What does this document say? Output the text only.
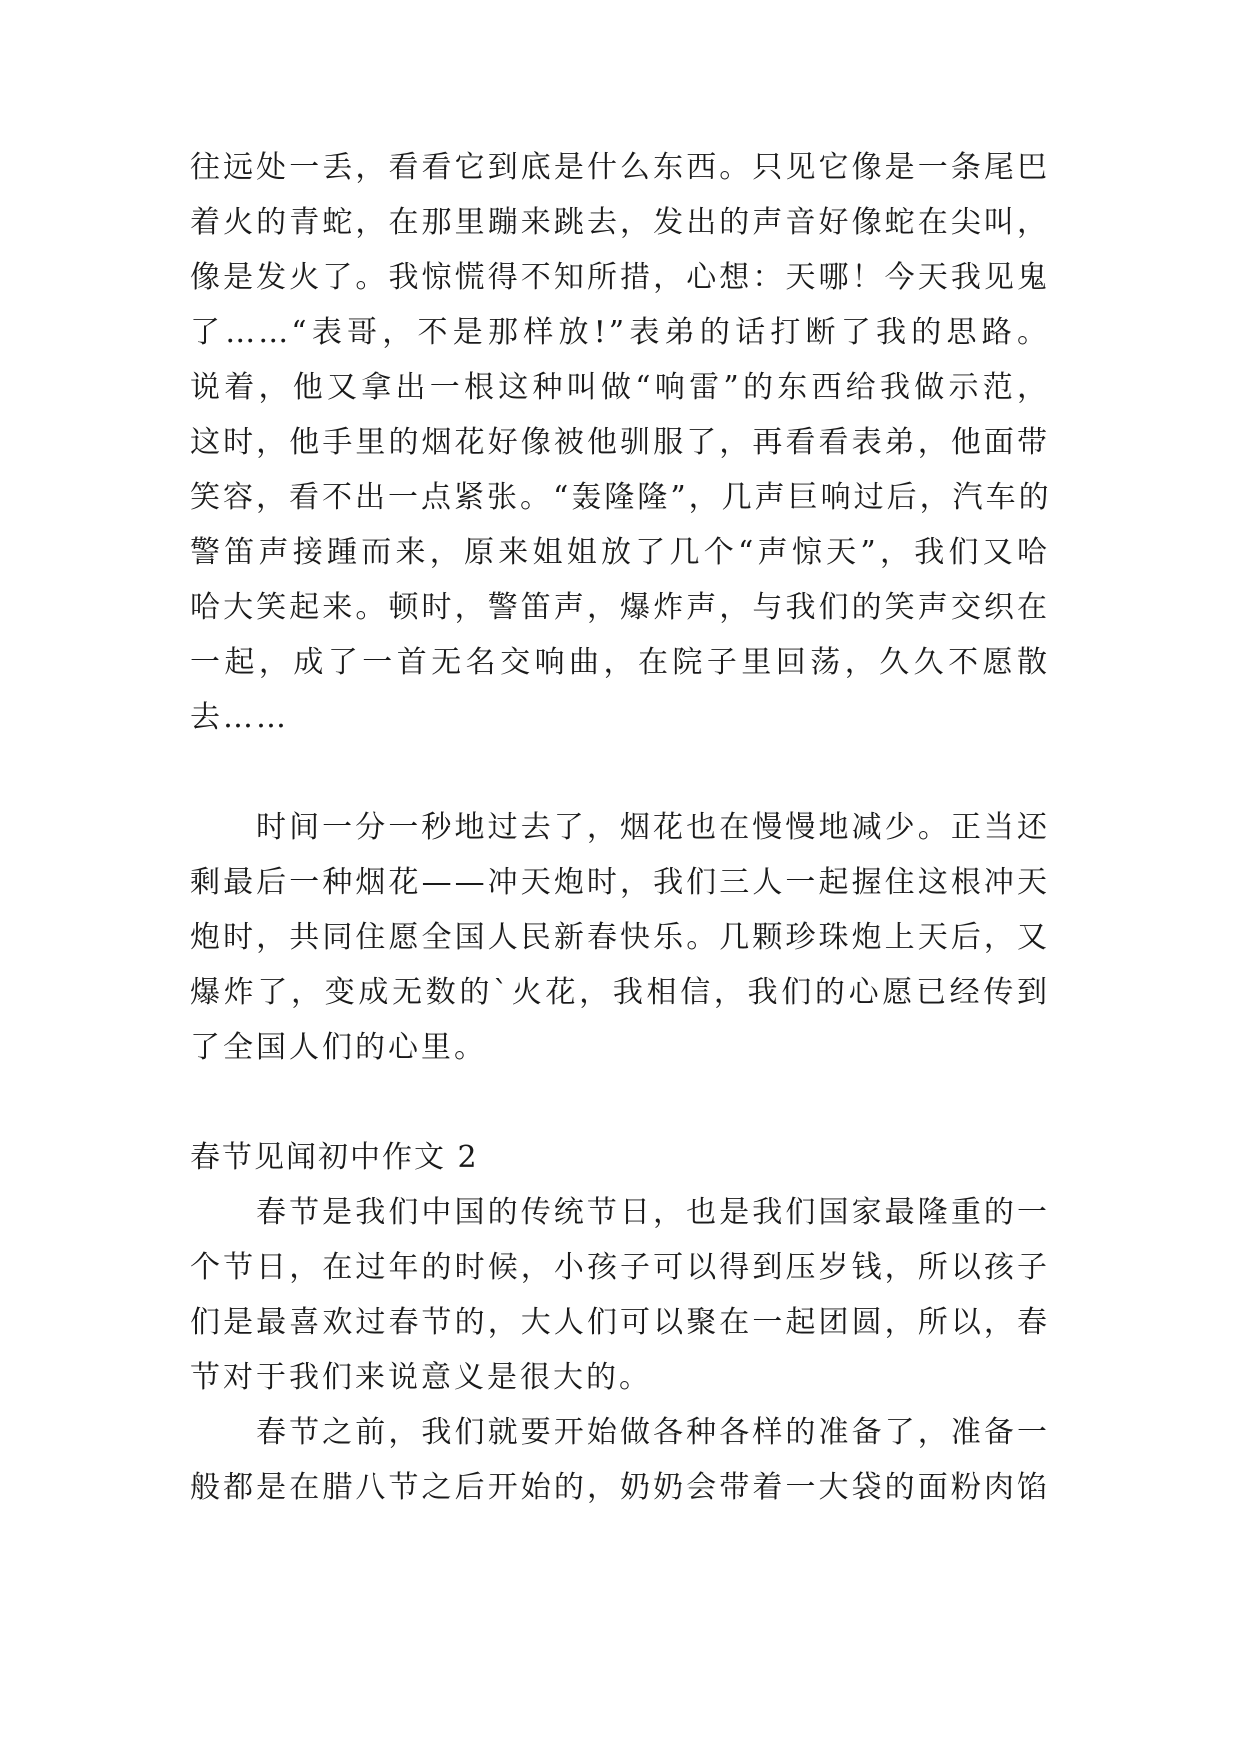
往远处一丢，看看它到底是什么东西。只见它像是一条尾巴
着火的青蛇，在那里蹦来跳去，发出的声音好像蛇在尖叫，
像是发火了。我惊慌得不知所措，心想：天哪！今天我见鬼
了……“表哥，不是那样放!”表弟的话打断了我的思路。
说着，他又拿出一根这种叫做“响雷”的东西给我做示范，
这时，他手里的烟花好像被他驯服了，再看看表弟，他面带
笑容，看不出一点紧张。“轰隆隆”，几声巨响过后，汽车的
警笛声接踵而来，原来姐姐放了几个“声惊天”，我们又哈
哈大笑起来。顿时，警笛声，爆炸声，与我们的笑声交织在
一起，成了一首无名交响曲，在院子里回荡，久久不愿散
去……
时间一分一秒地过去了，烟花也在慢慢地减少。正当还
剩最后一种烟花——冲天炮时，我们三人一起握住这根冲天
炮时，共同住愿全国人民新春快乐。几颗珍珠炮上天后，又
爆炸了，变成无数的`火花，我相信，我们的心愿已经传到
了全国人们的心里。
春节见闻初中作文 2
春节是我们中国的传统节日，也是我们国家最隆重的一
个节日，在过年的时候，小孩子可以得到压岁钱，所以孩子
们是最喜欢过春节的，大人们可以聚在一起团圆，所以，春
节对于我们来说意义是很大的。
春节之前，我们就要开始做各种各样的准备了，准备一
般都是在腊八节之后开始的，奶奶会带着一大袋的面粉肉馅
